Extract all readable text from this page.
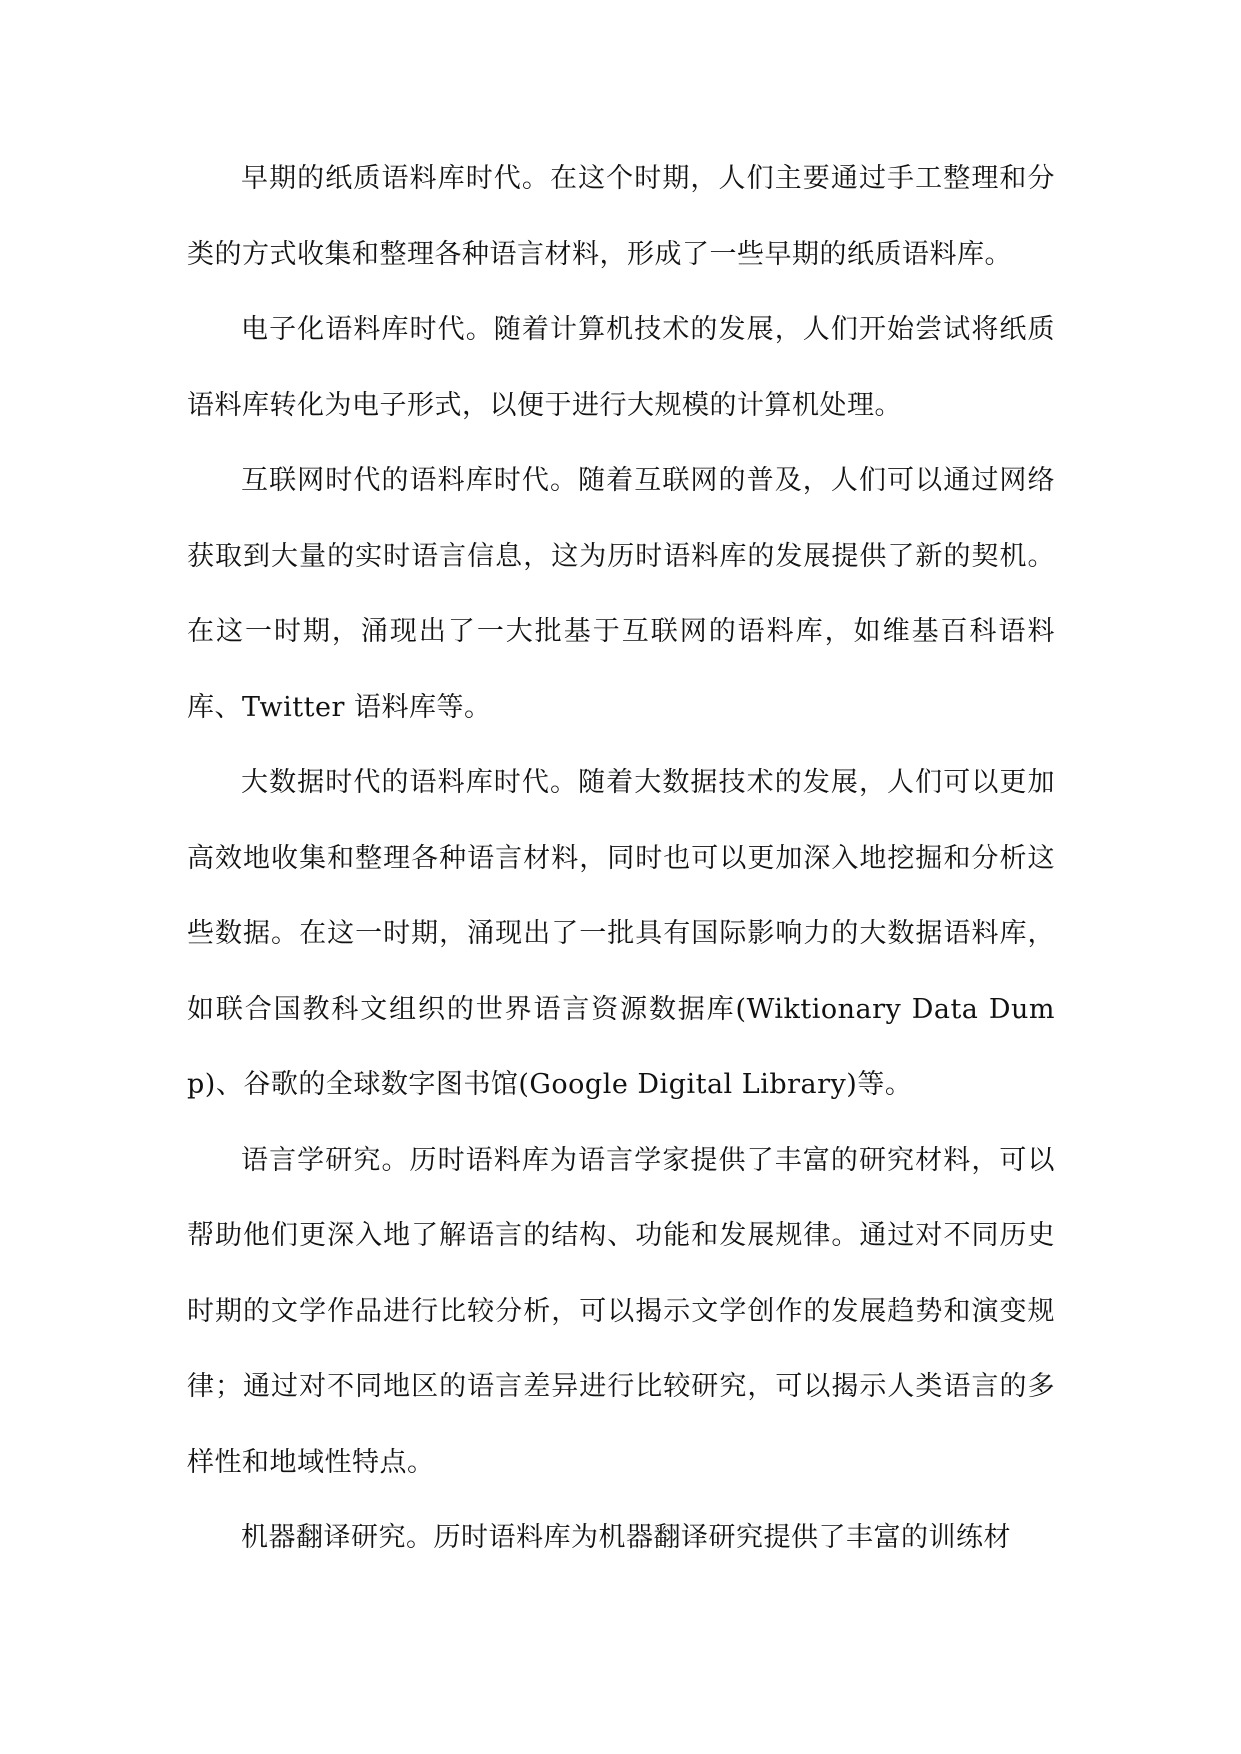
早期的纸质语料库时代。在这个时期，人们主要通过手工整理和分类的方式收集和整理各种语言材料，形成了一些早期的纸质语料库。

电子化语料库时代。随着计算机技术的发展，人们开始尝试将纸质语料库转化为电子形式，以便于进行大规模的计算机处理。

互联网时代的语料库时代。随着互联网的普及，人们可以通过网络获取到大量的实时语言信息，这为历时语料库的发展提供了新的契机。在这一时期，涌现出了一大批基于互联网的语料库，如维基百科语料库、Twitter 语料库等。

大数据时代的语料库时代。随着大数据技术的发展，人们可以更加高效地收集和整理各种语言材料，同时也可以更加深入地挖掘和分析这些数据。在这一时期，涌现出了一批具有国际影响力的大数据语料库，如联合国教科文组织的世界语言资源数据库(Wiktionary Data Dump)、谷歌的全球数字图书馆(Google Digital Library)等。

语言学研究。历时语料库为语言学家提供了丰富的研究材料，可以帮助他们更深入地了解语言的结构、功能和发展规律。通过对不同历史时期的文学作品进行比较分析，可以揭示文学创作的发展趋势和演变规律；通过对不同地区的语言差异进行比较研究，可以揭示人类语言的多样性和地域性特点。

机器翻译研究。历时语料库为机器翻译研究提供了丰富的训练材
